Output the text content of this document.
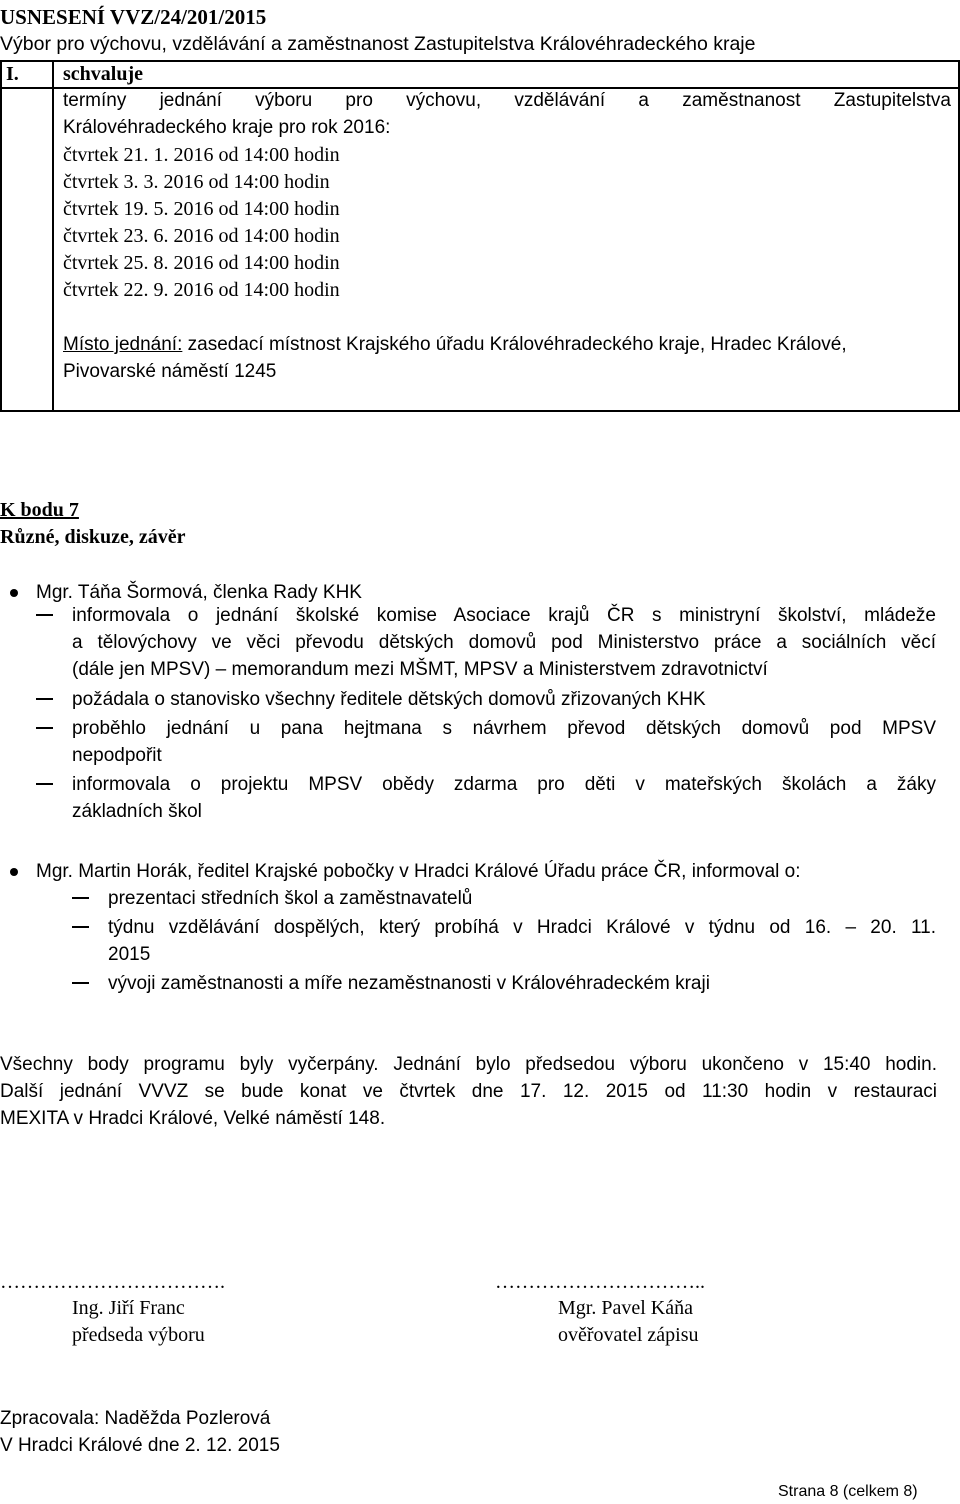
USNESENÍ VVZ/24/201/2015
Výbor pro výchovu, vzdělávání a zaměstnanost Zastupitelstva Královéhradeckého kraje
I. schvaluje
termíny jednání výboru pro výchovu, vzdělávání a zaměstnanost Zastupitelstva
Královéhradeckého kraje pro rok 2016:
čtvrtek 21. 1. 2016 od 14:00 hodin
čtvrtek 3. 3. 2016 od 14:00 hodin
čtvrtek 19. 5. 2016 od 14:00 hodin
čtvrtek 23. 6. 2016 od 14:00 hodin
čtvrtek 25. 8. 2016 od 14:00 hodin
čtvrtek 22. 9. 2016 od 14:00 hodin
Místo jednání: zasedací místnost Krajského úřadu Královéhradeckého kraje, Hradec Králové,
Pivovarské náměstí 1245
K bodu 7
Různé, diskuze, závěr
Mgr. Táňa Šormová, členka Rady KHK
informovala o jednání školské komise Asociace krajů ČR s ministryní školství, mládeže
a tělovýchovy ve věci převodu dětských domovů pod Ministerstvo práce a sociálních věcí
(dále jen MPSV) – memorandum mezi MŠMT, MPSV a Ministerstvem zdravotnictví
požádala o stanovisko všechny ředitele dětských domovů zřizovaných KHK
proběhlo jednání u pana hejtmana s návrhem převod dětských domovů pod MPSV
nepodpořit
informovala o projektu MPSV obědy zdarma pro děti v mateřských školách a žáky
základních škol
Mgr. Martin Horák, ředitel Krajské pobočky v Hradci Králové Úřadu práce ČR, informoval o:
prezentaci středních škol a zaměstnavatelů
týdnu vzdělávání dospělých, který probíhá v Hradci Králové v týdnu od 16. – 20. 11.
2015
vývoji zaměstnanosti a míře nezaměstnanosti v Královéhradeckém kraji
Všechny body programu byly vyčerpány. Jednání bylo předsedou výboru ukončeno v 15:40 hodin.
Další jednání VVVZ se bude konat ve čtvrtek dne 17. 12. 2015 od 11:30 hodin v restauraci
MEXITA v Hradci Králové, Velké náměstí 148.
…………………………….	…………………………..
Ing. Jiří Franc	Mgr. Pavel Káňa
předseda výboru	ověřovatel zápisu
Zpracovala: Naděžda Pozlerová
V Hradci Králové dne 2. 12. 2015
Strana 8 (celkem 8)
